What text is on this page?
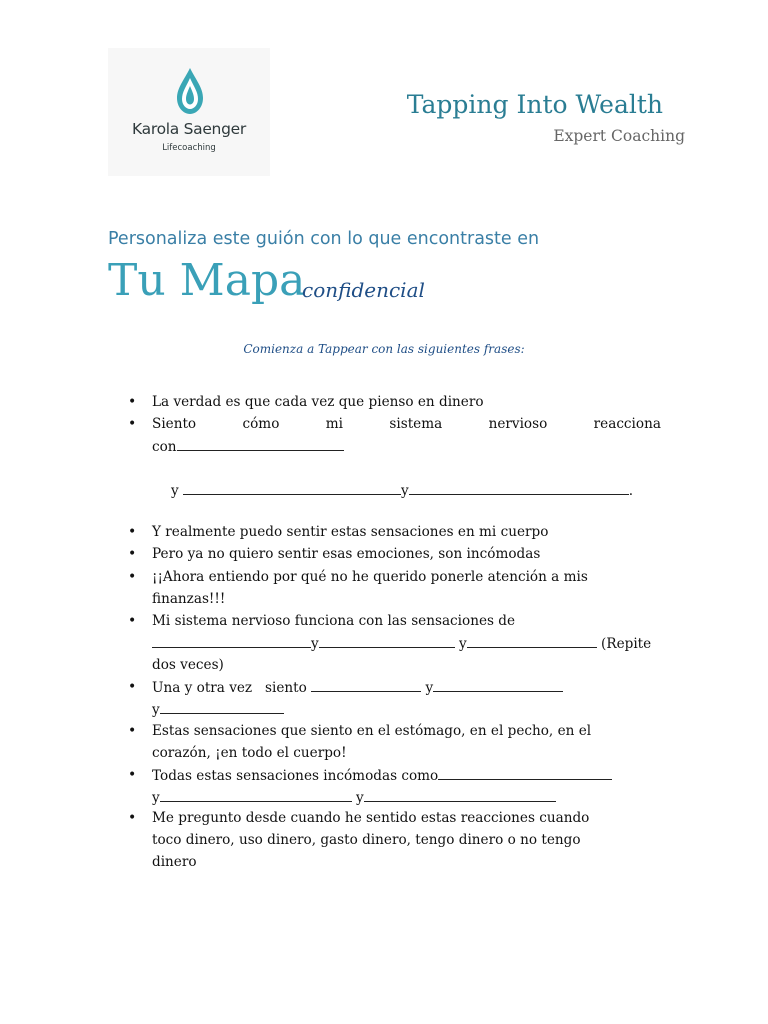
Karola Saenger
Lifecoaching
Tapping Into Wealth
Expert Coaching
Personaliza este guión con lo que encontraste en
Tu Mapa
confidencial
Comienza a Tappear con las siguientes frases:
• La verdad es que cada vez que pienso en dinero
• Siento	cómo	mi	sistema	nervioso	reacciona
con
y	y	.
• Y realmente puedo sentir estas sensaciones en mi cuerpo
• Pero ya no quiero sentir esas emociones, son incómodas
• ¡¡Ahora entiendo por qué no he querido ponerle atención a mis
finanzas!!!
• Mi sistema nervioso funciona con las sensaciones de
y	y	(Repite
dos veces)
• Una y otra vez   siento	y
y
• Estas sensaciones que siento en el estómago, en el pecho, en el
corazón, ¡en todo el cuerpo!
• Todas estas sensaciones incómodas como
y	y
• Me pregunto desde cuando he sentido estas reacciones cuando
toco dinero, uso dinero, gasto dinero, tengo dinero o no tengo
dinero
